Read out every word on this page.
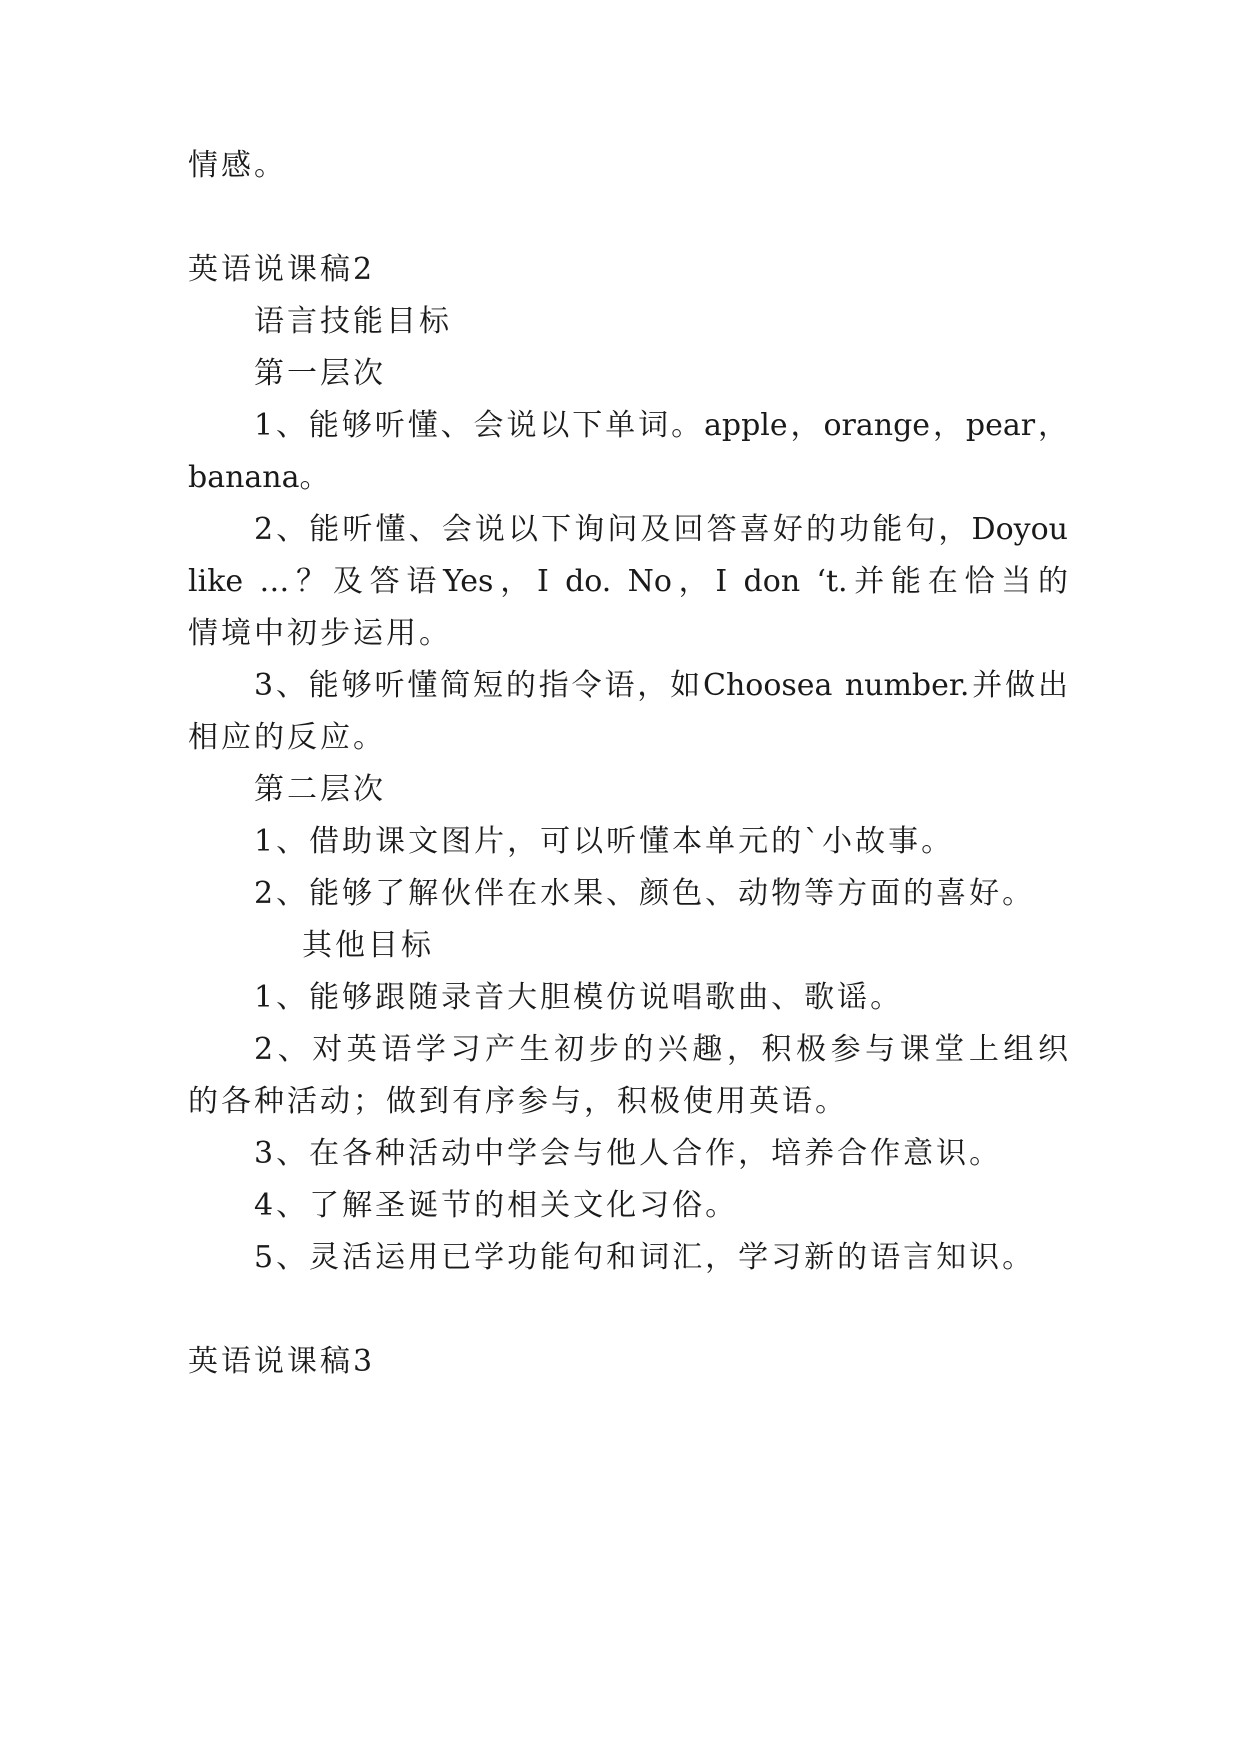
情感。
英语说课稿2
语言技能目标
第一层次
1、能够听懂、会说以下单词。apple，orange，pear，
banana。
2、能听懂、会说以下询问及回答喜好的功能句，Doyou
like …？及答语Yes，I do. No，I don ‘t.并能在恰当的
情境中初步运用。
3、能够听懂简短的指令语，如Choosea number.并做出
相应的反应。
第二层次
1、借助课文图片，可以听懂本单元的`小故事。
2、能够了解伙伴在水果、颜色、动物等方面的喜好。
其他目标
1、能够跟随录音大胆模仿说唱歌曲、歌谣。
2、对英语学习产生初步的兴趣，积极参与课堂上组织
的各种活动；做到有序参与，积极使用英语。
3、在各种活动中学会与他人合作，培养合作意识。
4、了解圣诞节的相关文化习俗。
5、灵活运用已学功能句和词汇，学习新的语言知识。
英语说课稿3
